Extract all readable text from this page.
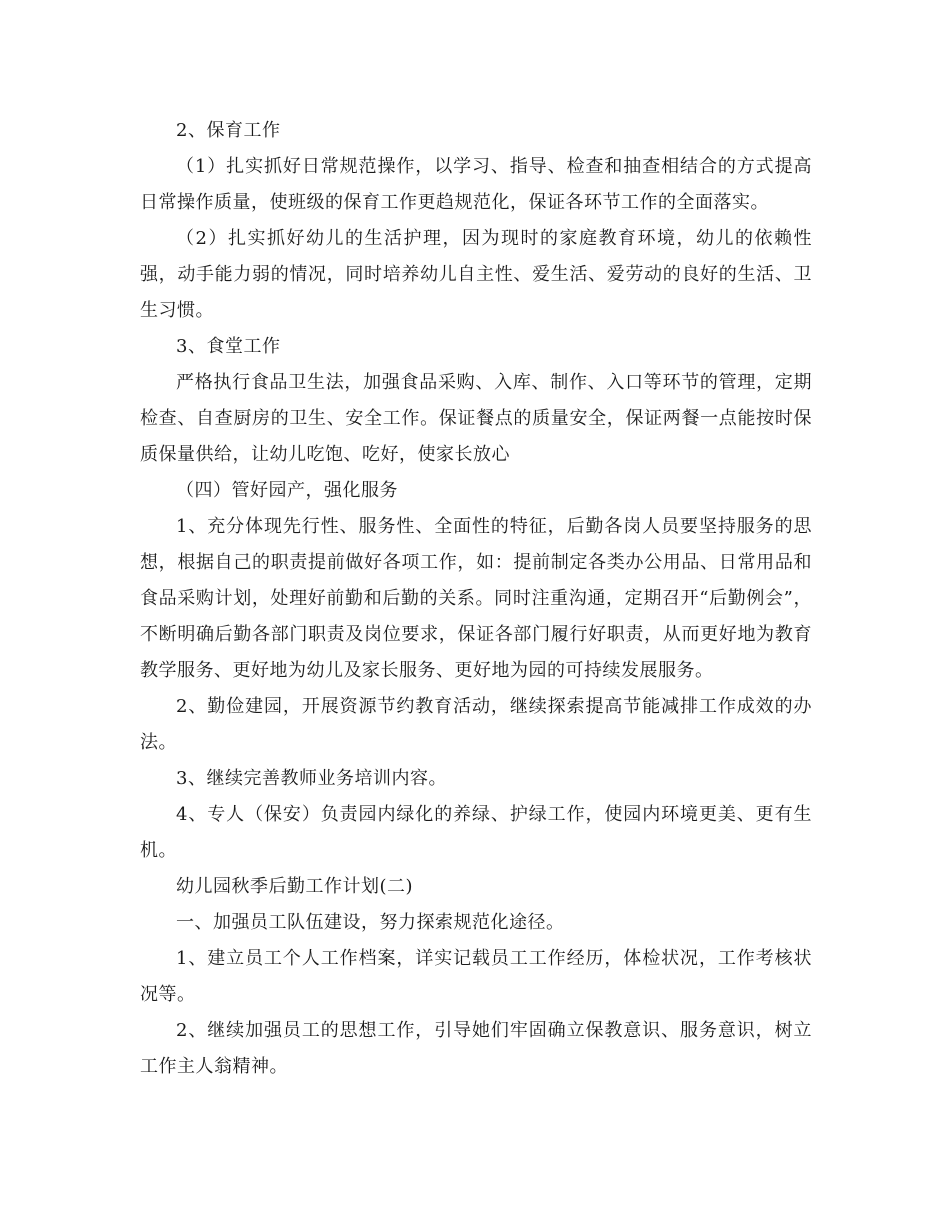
2、保育工作

（1）扎实抓好日常规范操作，以学习、指导、检查和抽查相结合的方式提高日常操作质量，使班级的保育工作更趋规范化，保证各环节工作的全面落实。

（2）扎实抓好幼儿的生活护理，因为现时的家庭教育环境，幼儿的依赖性强，动手能力弱的情况，同时培养幼儿自主性、爱生活、爱劳动的良好的生活、卫生习惯。

3、食堂工作

严格执行食品卫生法，加强食品采购、入库、制作、入口等环节的管理，定期检查、自查厨房的卫生、安全工作。保证餐点的质量安全，保证两餐一点能按时保质保量供给，让幼儿吃饱、吃好，使家长放心

（四）管好园产，强化服务

1、充分体现先行性、服务性、全面性的特征，后勤各岗人员要坚持服务的思想，根据自己的职责提前做好各项工作，如：提前制定各类办公用品、日常用品和食品采购计划，处理好前勤和后勤的关系。同时注重沟通，定期召开“后勤例会”，不断明确后勤各部门职责及岗位要求，保证各部门履行好职责，从而更好地为教育教学服务、更好地为幼儿及家长服务、更好地为园的可持续发展服务。

2、勤俭建园，开展资源节约教育活动，继续探索提高节能减排工作成效的办法。

3、继续完善教师业务培训内容。

4、专人（保安）负责园内绿化的养绿、护绿工作，使园内环境更美、更有生机。

幼儿园秋季后勤工作计划(二)

一、加强员工队伍建设，努力探索规范化途径。

1、建立员工个人工作档案，详实记载员工工作经历，体检状况，工作考核状况等。

2、继续加强员工的思想工作，引导她们牢固确立保教意识、服务意识，树立工作主人翁精神。
